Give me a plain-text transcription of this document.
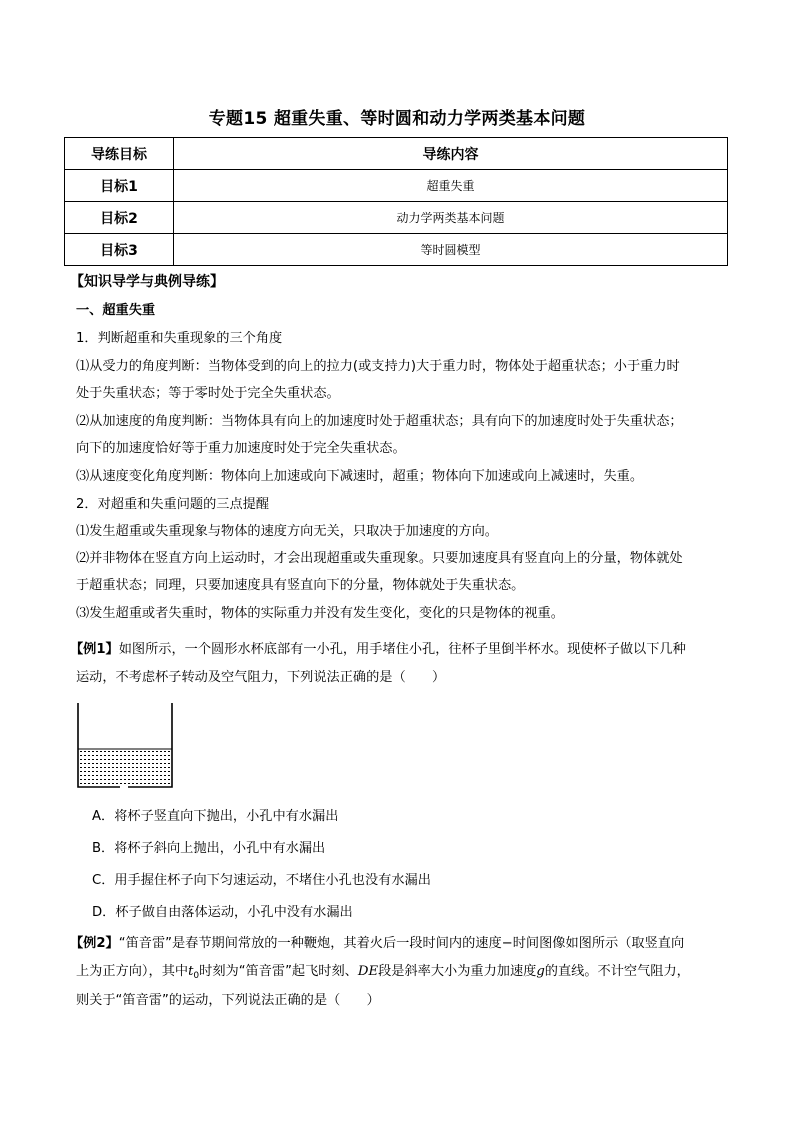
专题15 超重失重、等时圆和动力学两类基本问题
导练目标	导练内容
目标1	超重失重
目标2	动力学两类基本问题
目标3	等时圆模型
【知识导学与典例导练】
一、超重失重
1．判断超重和失重现象的三个角度
⑴从受力的角度判断：当物体受到的向上的拉力(或支持力)大于重力时，物体处于超重状态；小于重力时
处于失重状态；等于零时处于完全失重状态。
⑵从加速度的角度判断：当物体具有向上的加速度时处于超重状态；具有向下的加速度时处于失重状态；
向下的加速度恰好等于重力加速度时处于完全失重状态。
⑶从速度变化角度判断：物体向上加速或向下减速时，超重；物体向下加速或向上减速时，失重。
2．对超重和失重问题的三点提醒
⑴发生超重或失重现象与物体的速度方向无关，只取决于加速度的方向。
⑵并非物体在竖直方向上运动时，才会出现超重或失重现象。只要加速度具有竖直向上的分量，物体就处
于超重状态；同理，只要加速度具有竖直向下的分量，物体就处于失重状态。
⑶发生超重或者失重时，物体的实际重力并没有发生变化，变化的只是物体的视重。
【例1】如图所示，一个圆形水杯底部有一小孔，用手堵住小孔，往杯子里倒半杯水。现使杯子做以下几种
运动，不考虑杯子转动及空气阻力，下列说法正确的是（　　）
A．将杯子竖直向下抛出，小孔中有水漏出
B．将杯子斜向上抛出，小孔中有水漏出
C．用手握住杯子向下匀速运动，不堵住小孔也没有水漏出
D．杯子做自由落体运动，小孔中没有水漏出
【例2】“笛音雷”是春节期间常放的一种鞭炮，其着火后一段时间内的速度−时间图像如图所示（取竖直向
上为正方向），其中$t_0$时刻为“笛音雷”起飞时刻、DE段是斜率大小为重力加速度g的直线。不计空气阻力，
则关于“笛音雷”的运动，下列说法正确的是（　　）
